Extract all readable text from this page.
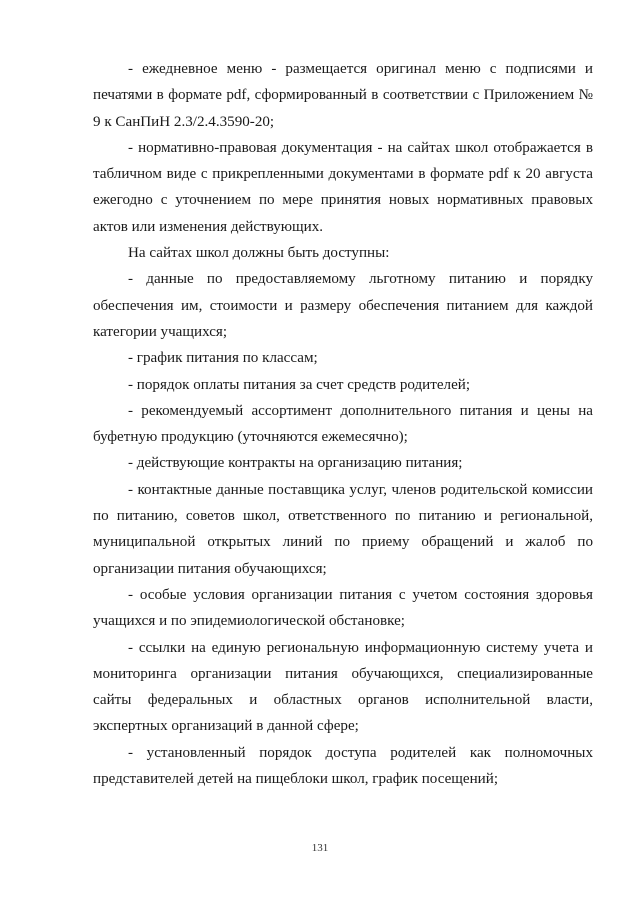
- ежедневное меню - размещается оригинал меню с подписями и печатями в формате pdf, сформированный в соответствии с Приложением № 9 к СанПиН 2.3/2.4.3590-20;

- нормативно-правовая документация - на сайтах школ отображается в табличном виде с прикрепленными документами в формате pdf к 20 августа ежегодно с уточнением по мере принятия новых нормативных правовых актов или изменения действующих.

На сайтах школ должны быть доступны:

- данные по предоставляемому льготному питанию и порядку обеспечения им, стоимости и размеру обеспечения питанием для каждой категории учащихся;

- график питания по классам;

- порядок оплаты питания за счет средств родителей;

- рекомендуемый ассортимент дополнительного питания и цены на буфетную продукцию (уточняются ежемесячно);

- действующие контракты на организацию питания;

- контактные данные поставщика услуг, членов родительской комиссии по питанию, советов школ, ответственного по питанию и региональной, муниципальной открытых линий по приему обращений и жалоб по организации питания обучающихся;

- особые условия организации питания с учетом состояния здоровья учащихся и по эпидемиологической обстановке;

- ссылки на единую региональную информационную систему учета и мониторинга организации питания обучающихся, специализированные сайты федеральных и областных органов исполнительной власти, экспертных организаций в данной сфере;

- установленный порядок доступа родителей как полномочных представителей детей на пищеблоки школ, график посещений;

131
